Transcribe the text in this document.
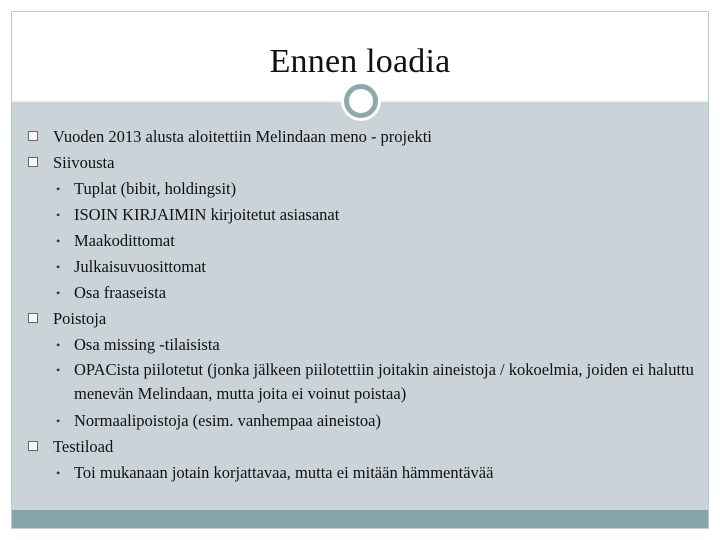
Ennen loadia
Vuoden 2013 alusta aloitettiin Melindaan meno - projekti
Siivousta
• Tuplat (bibit, holdingsit)
• ISOIN KIRJAIMIN kirjoitetut asiasanat
• Maakodittomat
• Julkaisuvuosittomat
• Osa fraaseista
Poistoja
• Osa missing -tilaisista
• OPACista piilotetut (jonka jälkeen piilotettiin joitakin aineistoja / kokoelmia, joiden ei haluttu menevän Melindaan, mutta joita ei voinut poistaa)
• Normaalipoistoja (esim. vanhempaa aineistoa)
Testiload
• Toi mukanaan jotain korjattavaa, mutta ei mitään hämmentävää
